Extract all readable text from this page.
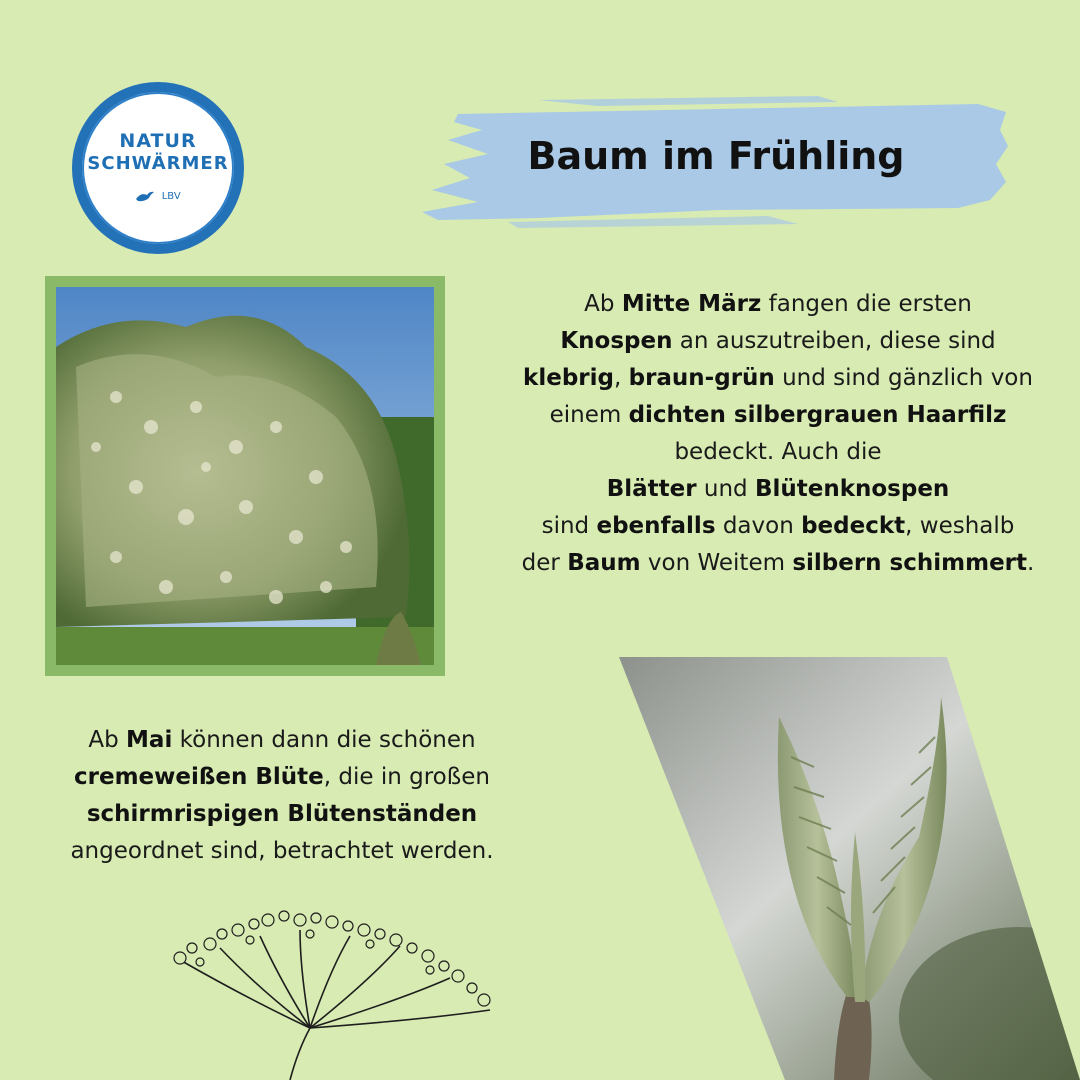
NATUR
SCHWÄRMER
LBV
Baum im Frühling
Ab Mitte März fangen die ersten
Knospen an auszutreiben, diese sind
klebrig, braun-grün und sind gänzlich von einem dichten silbergrauen Haarfilz bedeckt. Auch die
Blätter und Blütenknospen
sind ebenfalls davon bedeckt, weshalb der Baum von Weitem silbern schimmert.
Ab Mai können dann die schönen
cremeweißen Blüte, die in großen
schirmrispigen Blütenständen
angeordnet sind, betrachtet werden.
